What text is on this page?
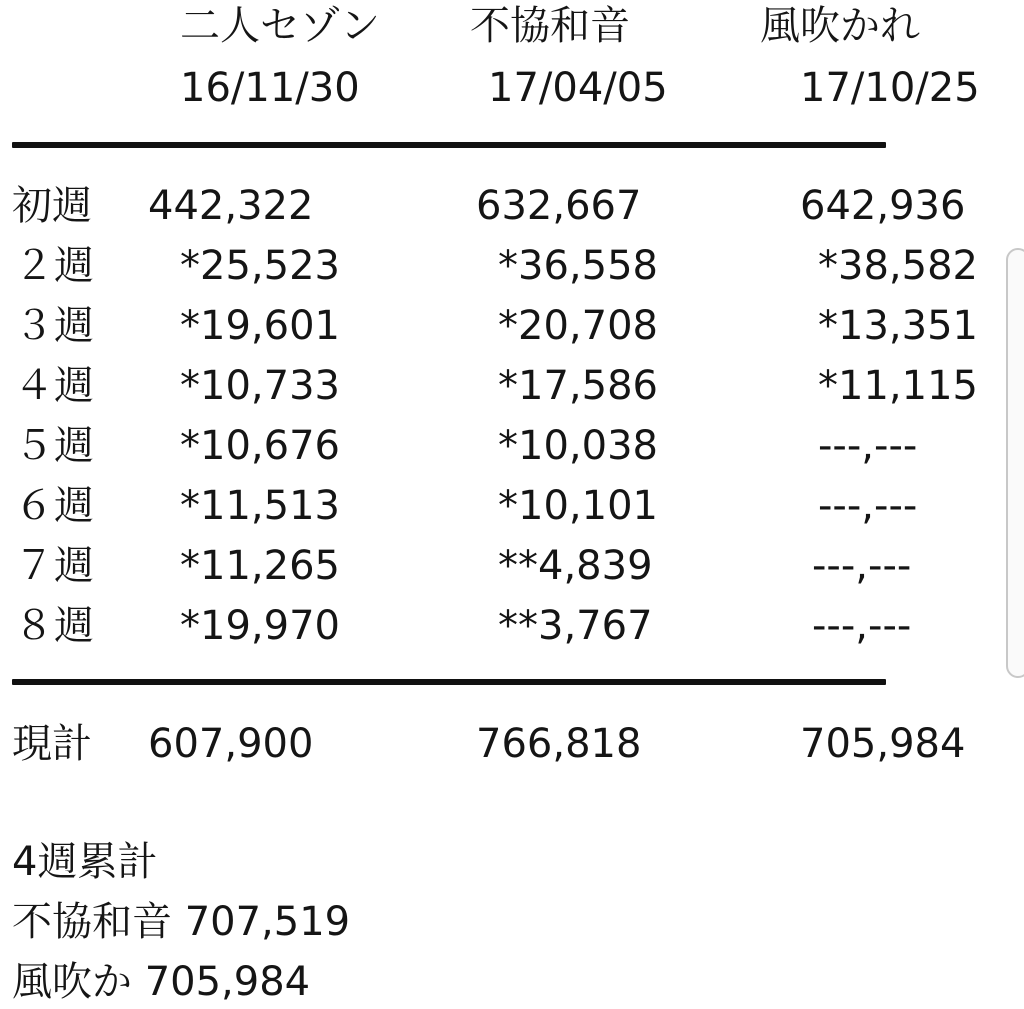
二人セゾン 不協和音	風吹かれ
16/11/30	17/04/05	17/10/25
初週 442,322	632,667	642,936
２週 *25,523	*36,558	*38,582
３週 *19,601	*20,708	*13,351
４週 *10,733	*17,586	*11,115
５週 *10,676	*10,038	---,---
６週 *11,513	*10,101	---,---
７週 *11,265	**4,839	---,---
８週 *19,970	**3,767	---,---
現計 607,900	766,818	705,984
4週累計
不協和音 707,519
風吹か 705,984
